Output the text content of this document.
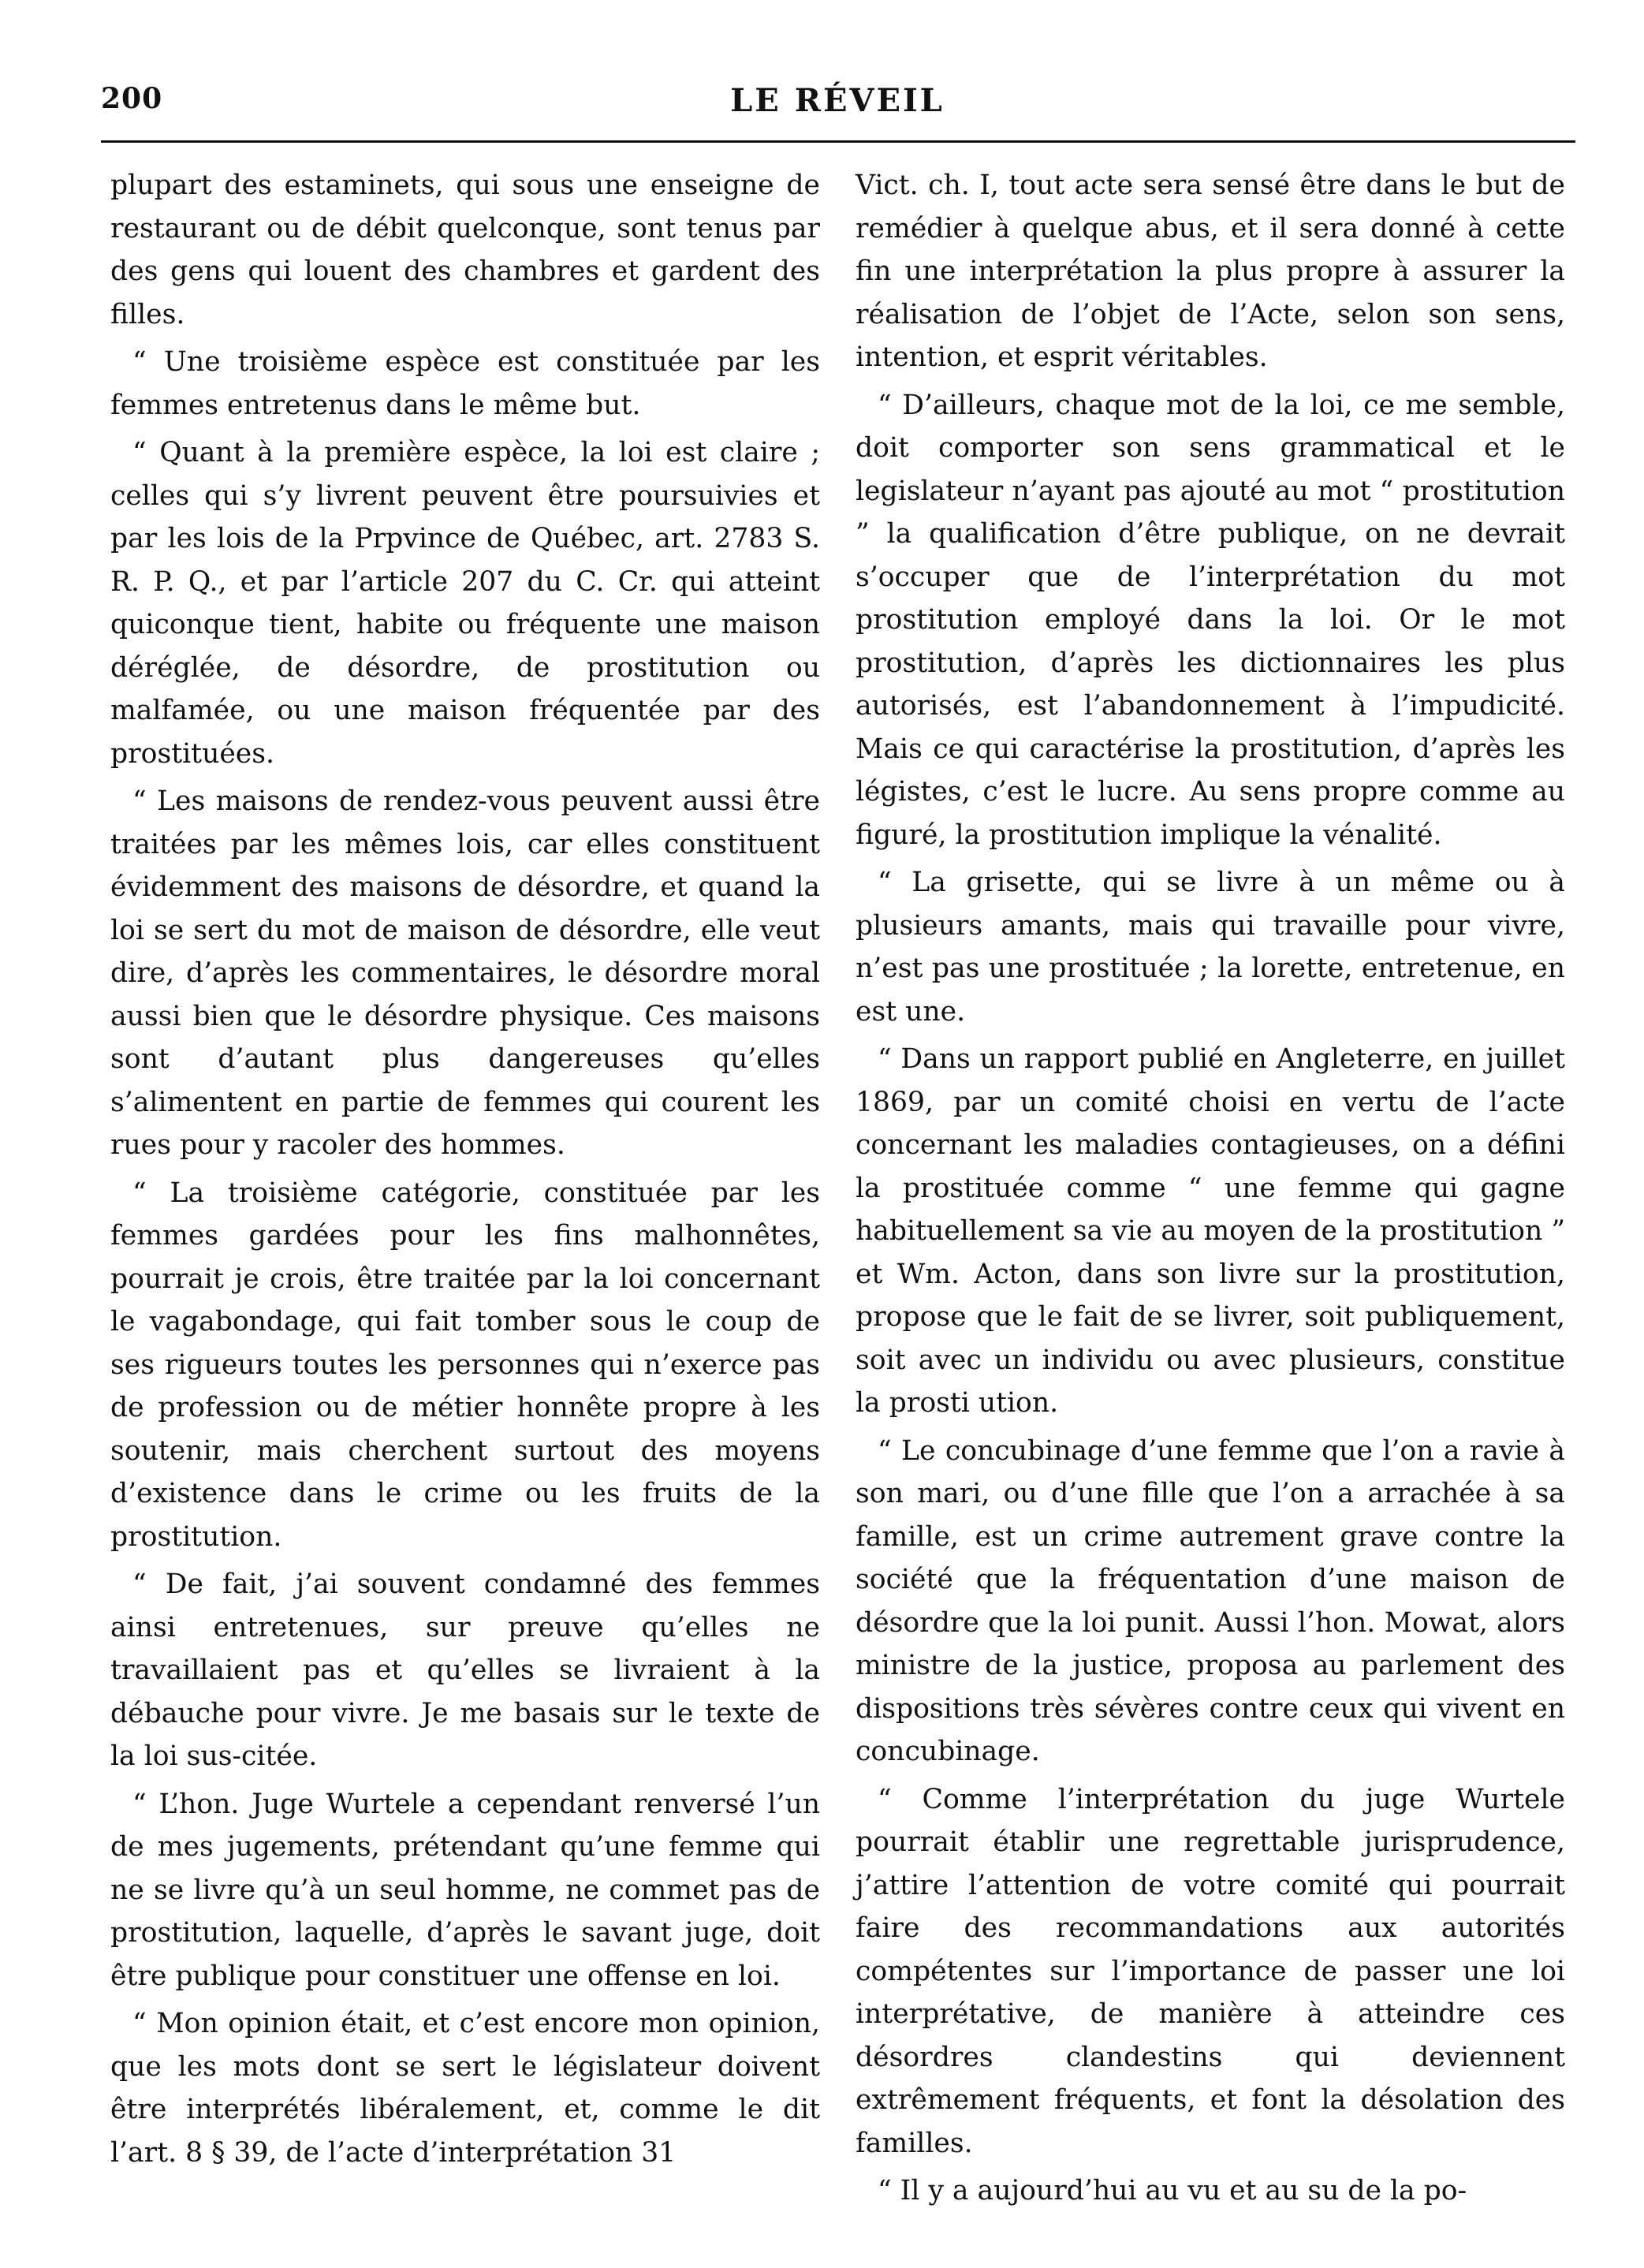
200	LE RÉVEIL

plupart des estaminets, qui sous une enseigne de restaurant ou de débit quelconque, sont tenus par des gens qui louent des chambres et gardent des filles.

“ Une troisième espèce est constituée par les femmes entretenus dans le même but.

“ Quant à la première espèce, la loi est claire ; celles qui s’y livrent peuvent être poursuivies et par les lois de la Prpvince de Québec, art. 2783 S. R. P. Q., et par l’article 207 du C. Cr. qui atteint quiconque tient, habite ou fréquente une maison déréglée, de désordre, de prostitution ou malfamée, ou une maison fréquentée par des prostituées.

“ Les maisons de rendez-vous peuvent aussi être traitées par les mêmes lois, car elles constituent évidemment des maisons de désordre, et quand la loi se sert du mot de maison de désordre, elle veut dire, d’après les commentaires, le désordre moral aussi bien que le désordre physique. Ces maisons sont d’autant plus dangereuses qu’elles s’alimentent en partie de femmes qui courent les rues pour y racoler des hommes.

“ La troisième catégorie, constituée par les femmes gardées pour les fins malhonnêtes, pourrait je crois, être traitée par la loi concernant le vagabondage, qui fait tomber sous le coup de ses rigueurs toutes les personnes qui n’exerce pas de profession ou de métier honnête propre à les soutenir, mais cherchent surtout des moyens d’existence dans le crime ou les fruits de la prostitution.

“ De fait, j’ai souvent condamné des femmes ainsi entretenues, sur preuve qu’elles ne travaillaient pas et qu’elles se livraient à la débauche pour vivre. Je me basais sur le texte de la loi sus-citée.

“ L’hon. Juge Wurtele a cependant renversé l’un de mes jugements, prétendant qu’une femme qui ne se livre qu’à un seul homme, ne commet pas de prostitution, laquelle, d’après le savant juge, doit être publique pour constituer une offense en loi.

“ Mon opinion était, et c’est encore mon opinion, que les mots dont se sert le législateur doivent être interprétés libéralement, et, comme le dit l’art. 8 § 39, de l’acte d’interprétation 31

Vict. ch. I, tout acte sera sensé être dans le but de remédier à quelque abus, et il sera donné à cette fin une interprétation la plus propre à assurer la réalisation de l’objet de l’Acte, selon son sens, intention, et esprit véritables.

“ D’ailleurs, chaque mot de la loi, ce me semble, doit comporter son sens grammatical et le legislateur n’ayant pas ajouté au mot “ prostitution ” la qualification d’être publique, on ne devrait s’occuper que de l’interprétation du mot prostitution employé dans la loi. Or le mot prostitution, d’après les dictionnaires les plus autorisés, est l’abandonnement à l’impudicité. Mais ce qui caractérise la prostitution, d’après les légistes, c’est le lucre. Au sens propre comme au figuré, la prostitution implique la vénalité.

“ La grisette, qui se livre à un même ou à plusieurs amants, mais qui travaille pour vivre, n’est pas une prostituée ; la lorette, entretenue, en est une.

“ Dans un rapport publié en Angleterre, en juillet 1869, par un comité choisi en vertu de l’acte concernant les maladies contagieuses, on a défini la prostituée comme “ une femme qui gagne habituellement sa vie au moyen de la prostitution ” et Wm. Acton, dans son livre sur la prostitution, propose que le fait de se livrer, soit publiquement, soit avec un individu ou avec plusieurs, constitue la prosti ution.

“ Le concubinage d’une femme que l’on a ravie à son mari, ou d’une fille que l’on a arrachée à sa famille, est un crime autrement grave contre la société que la fréquentation d’une maison de désordre que la loi punit. Aussi l’hon. Mowat, alors ministre de la justice, proposa au parlement des dispositions très sévères contre ceux qui vivent en concubinage.

“ Comme l’interprétation du juge Wurtele pourrait établir une regrettable jurisprudence, j’attire l’attention de votre comité qui pourrait faire des recommandations aux autorités compétentes sur l’importance de passer une loi interprétative, de manière à atteindre ces désordres clandestins qui deviennent extrêmement fréquents, et font la désolation des familles.

“ Il y a aujourd’hui au vu et au su de la po-
